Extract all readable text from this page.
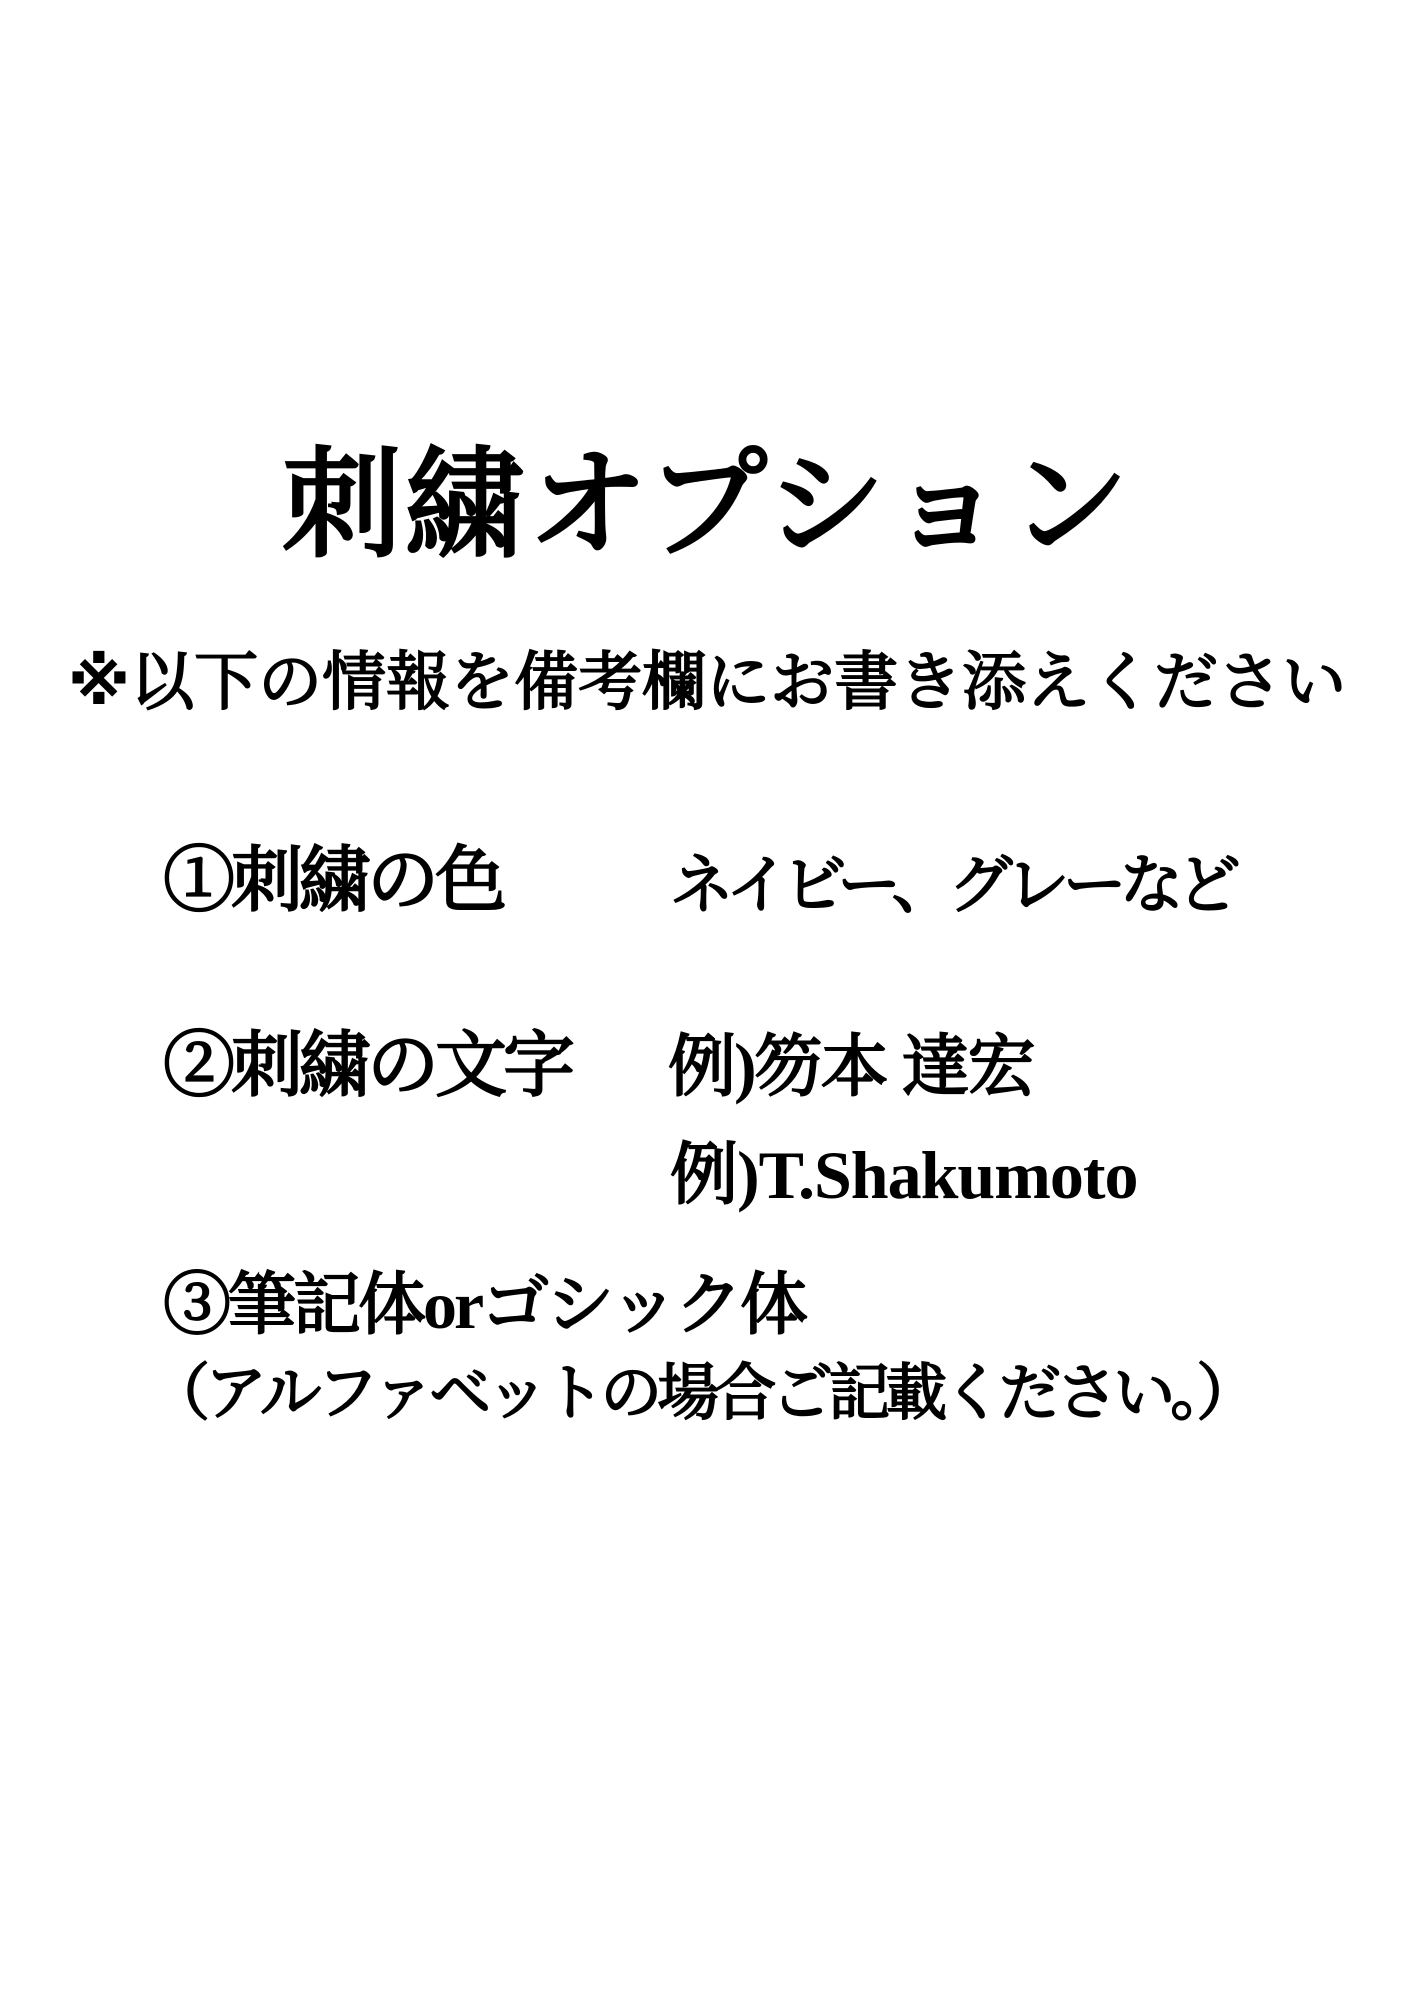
刺繍オプション
※以下の情報を備考欄にお書き添えください
①刺繍の色	ネイビー、グレーなど
②刺繍の文字 例)笏本 達宏
例)T.Shakumoto
③筆記体orゴシック体
（アルファベットの場合ご記載ください。）
